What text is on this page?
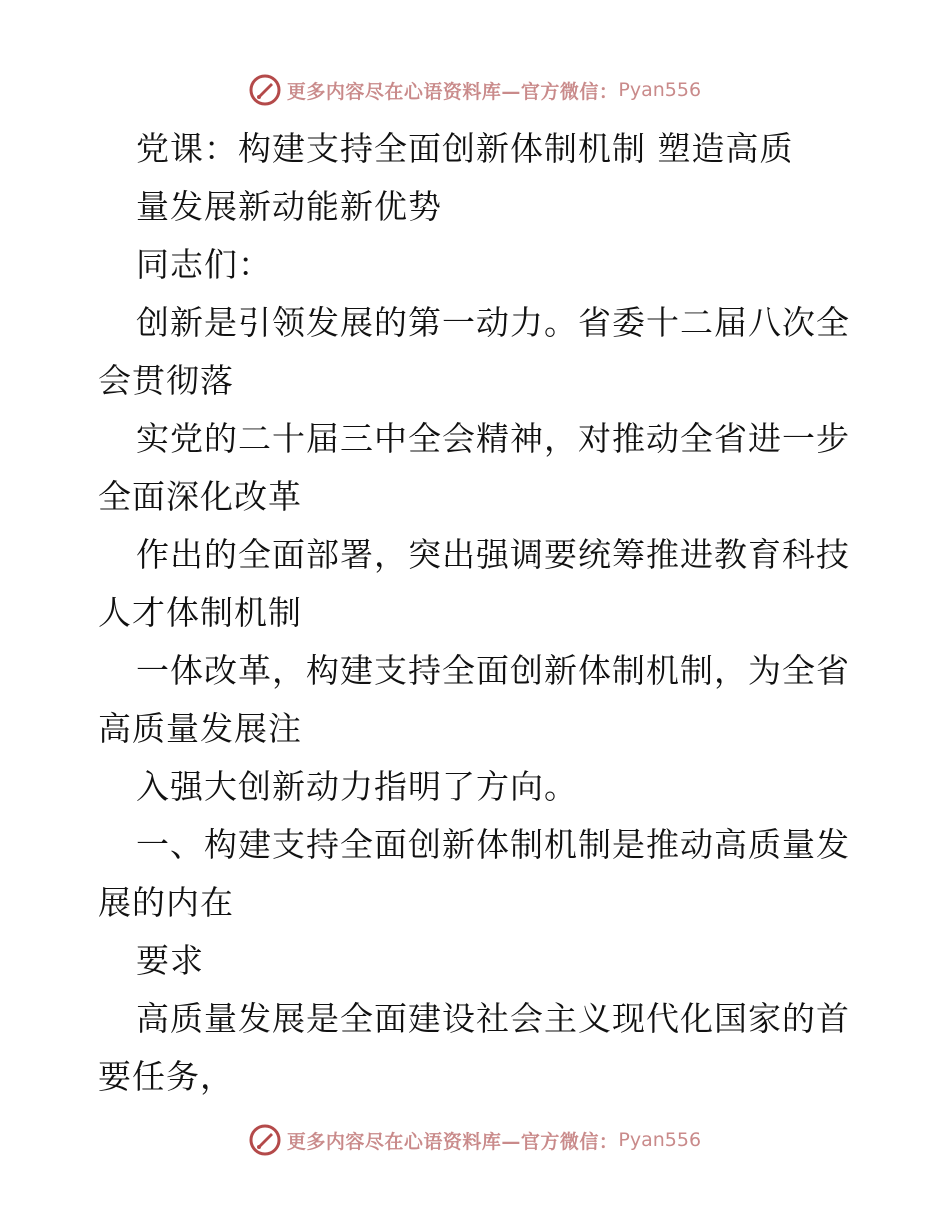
更多内容尽在心语资料库—官方微信： Pyan556

党课：构建支持全面创新体制机制 塑造高质

量发展新动能新优势

同志们：

创新是引领发展的第一动力。省委十二届八次全会贯彻落

实党的二十届三中全会精神，对推动全省进一步全面深化改革

作出的全面部署，突出强调要统筹推进教育科技人才体制机制

一体改革，构建支持全面创新体制机制，为全省高质量发展注

入强大创新动力指明了方向。

一、构建支持全面创新体制机制是推动高质量发展的内在

要求

高质量发展是全面建设社会主义现代化国家的首要任务，

更多内容尽在心语资料库—官方微信： Pyan556
